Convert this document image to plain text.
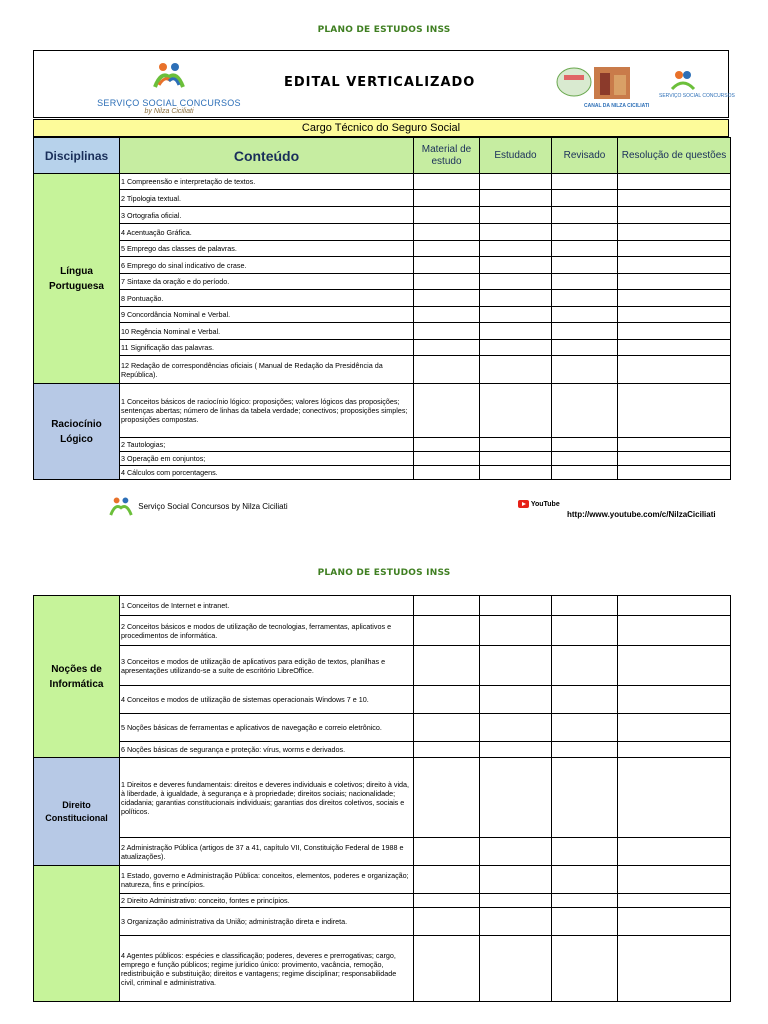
PLANO DE ESTUDOS INSS
SERVIÇO SOCIAL CONCURSOS
by Nilza Ciciliati
EDITAL VERTICALIZADO
SERVIÇO SOCIAL CONCURSOS
CANAL DA NILZA CICILIATI
Cargo Técnico do Seguro Social
Disciplinas	Conteúdo	Material de estudo	Estudado	Revisado	Resolução de questões
Língua Portuguesa	1 Compreensão e interpretação de textos.				
	2 Tipologia textual.				
	3 Ortografia oficial.				
	4 Acentuação Gráfica.				
	5 Emprego das classes de palavras.				
	6 Emprego do sinal indicativo de crase.				
	7 Sintaxe da oração e do período.				
	8 Pontuação.				
	9 Concordância Nominal e Verbal.				
	10 Regência Nominal e Verbal.				
	11 Significação das palavras.				
	12 Redação de correspondências oficiais ( Manual de Redação da Presidência da República).				
Raciocínio Lógico	1 Conceitos básicos de raciocínio lógico: proposições; valores lógicos das proposições; sentenças abertas; número de linhas da tabela verdade; conectivos; proposições simples; proposições compostas.				
	2 Tautologias;				
	3 Operação em conjuntos;				
	4 Cálculos com porcentagens.				
Serviço Social Concursos by Nilza Ciciliati	YouTube
http://www.youtube.com/c/NilzaCiciliati
PLANO DE ESTUDOS INSS
Noções de Informática	1 Conceitos de Internet e intranet.				
	2 Conceitos básicos e modos de utilização de tecnologias, ferramentas, aplicativos e procedimentos de informática.				
	3 Conceitos e modos de utilização de aplicativos para edição de textos, planilhas e apresentações utilizando-se a suíte de escritório LibreOffice.				
	4 Conceitos e modos de utilização de sistemas operacionais Windows 7 e 10.				
	5 Noções básicas de ferramentas e aplicativos de navegação e correio eletrônico.				
	6 Noções básicas de segurança e proteção: vírus, worms e derivados.				
Direito Constitucional	1 Direitos e deveres fundamentais: direitos e deveres individuais e coletivos; direito à vida, à liberdade, à igualdade, à segurança e à propriedade; direitos sociais; nacionalidade; cidadania; garantias constitucionais individuais; garantias dos direitos coletivos, sociais e políticos.				
	2 Administração Pública (artigos de 37 a 41, capítulo VII, Constituição Federal de 1988 e atualizações).				
	1 Estado, governo e Administração Pública: conceitos, elementos, poderes e organização; natureza, fins e princípios.				
	2 Direito Administrativo: conceito, fontes e princípios.				
	3 Organização administrativa da União; administração direta e indireta.				
	4 Agentes públicos: espécies e classificação; poderes, deveres e prerrogativas; cargo, emprego e função públicos; regime jurídico único: provimento, vacância, remoção, redistribuição e substituição; direitos e vantagens; regime disciplinar; responsabilidade civil, criminal e administrativa.				
